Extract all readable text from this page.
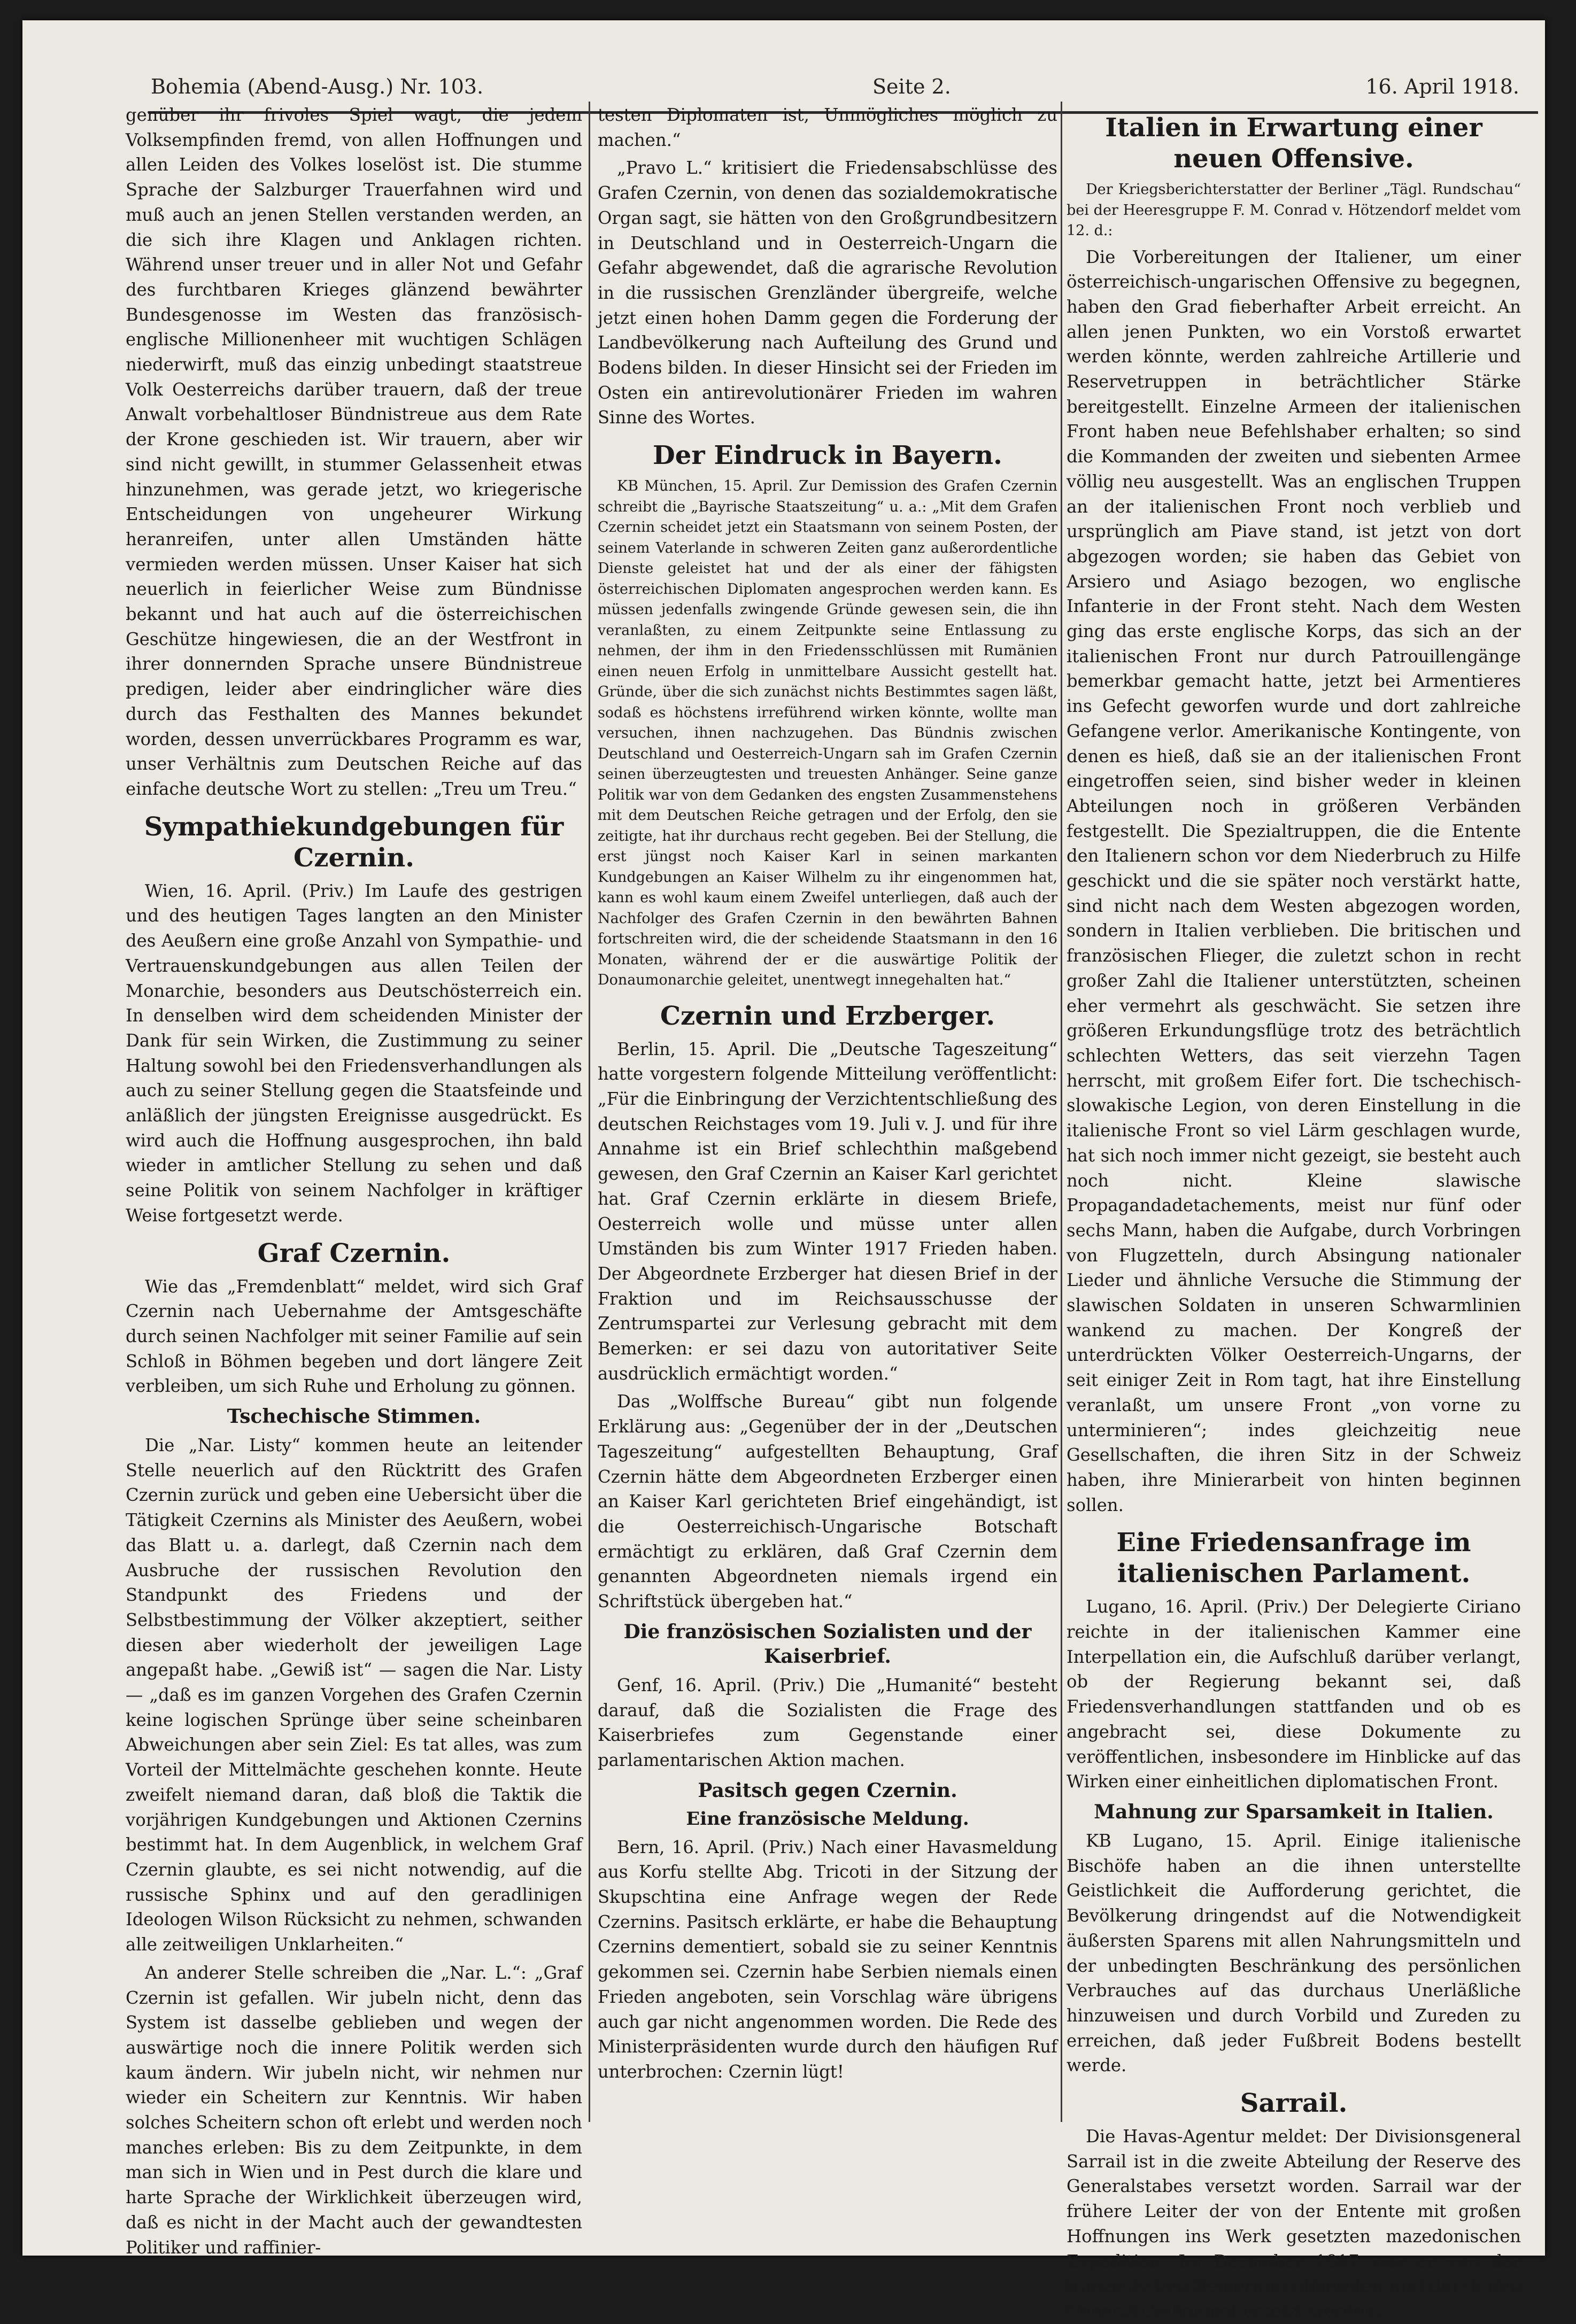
Bohemia (Abend-Ausg.) Nr. 103.	Seite 2.	16. April 1918.

genüber ihr frivoles Spiel wagt, die jedem Volksempfinden fremd, von allen Hoffnungen und allen Leiden des Volkes loselöst ist. Die stumme Sprache der Salzburger Trauerfahnen wird und muß auch an jenen Stellen verstanden werden, an die sich ihre Klagen und Anklagen richten. Während unser treuer und in aller Not und Gefahr des furchtbaren Krieges glänzend bewährter Bundesgenosse im Westen das französisch-englische Millionenheer mit wuchtigen Schlägen niederwirft, muß das einzig unbedingt staatstreue Volk Oesterreichs darüber trauern, daß der treue Anwalt vorbehaltloser Bündnistreue aus dem Rate der Krone geschieden ist. Wir trauern, aber wir sind nicht gewillt, in stummer Gelassenheit etwas hinzunehmen, was gerade jetzt, wo kriegerische Entscheidungen von ungeheurer Wirkung heranreifen, unter allen Umständen hätte vermieden werden müssen. Unser Kaiser hat sich neuerlich in feierlicher Weise zum Bündnisse bekannt und hat auch auf die österreichischen Geschütze hingewiesen, die an der Westfront in ihrer donnernden Sprache unsere Bündnistreue predigen, leider aber eindringlicher wäre dies durch das Festhalten des Mannes bekundet worden, dessen unverrückbares Programm es war, unser Verhältnis zum Deutschen Reiche auf das einfache deutsche Wort zu stellen: „Treu um Treu.“

Sympathiekundgebungen für Czernin.

Wien, 16. April. (Priv.) Im Laufe des gestrigen und des heutigen Tages langten an den Minister des Aeußern eine große Anzahl von Sympathie- und Vertrauenskundgebungen aus allen Teilen der Monarchie, besonders aus Deutschösterreich ein. In denselben wird dem scheidenden Minister der Dank für sein Wirken, die Zustimmung zu seiner Haltung sowohl bei den Friedensverhandlungen als auch zu seiner Stellung gegen die Staatsfeinde und anläßlich der jüngsten Ereignisse ausgedrückt. Es wird auch die Hoffnung ausgesprochen, ihn bald wieder in amtlicher Stellung zu sehen und daß seine Politik von seinem Nachfolger in kräftiger Weise fortgesetzt werde.

Graf Czernin.

Wie das „Fremdenblatt“ meldet, wird sich Graf Czernin nach Uebernahme der Amtsgeschäfte durch seinen Nachfolger mit seiner Familie auf sein Schloß in Böhmen begeben und dort längere Zeit verbleiben, um sich Ruhe und Erholung zu gönnen.

Tschechische Stimmen.

Die „Nar. Listy“ kommen heute an leitender Stelle neuerlich auf den Rücktritt des Grafen Czernin zurück und geben eine Uebersicht über die Tätigkeit Czernins als Minister des Aeußern, wobei das Blatt u. a. darlegt, daß Czernin nach dem Ausbruche der russischen Revolution den Standpunkt des Friedens und der Selbstbestimmung der Völker akzeptiert, seither diesen aber wiederholt der jeweiligen Lage angepaßt habe. „Gewiß ist“ — sagen die Nar. Listy — „daß es im ganzen Vorgehen des Grafen Czernin keine logischen Sprünge über seine scheinbaren Abweichungen aber sein Ziel: Es tat alles, was zum Vorteil der Mittelmächte geschehen konnte. Heute zweifelt niemand daran, daß bloß die Taktik die vorjährigen Kundgebungen und Aktionen Czernins bestimmt hat. In dem Augenblick, in welchem Graf Czernin glaubte, es sei nicht notwendig, auf die russische Sphinx und auf den geradlinigen Ideologen Wilson Rücksicht zu nehmen, schwanden alle zeitweiligen Unklarheiten.“

An anderer Stelle schreiben die „Nar. L.“: „Graf Czernin ist gefallen. Wir jubeln nicht, denn das System ist dasselbe geblieben und wegen der auswärtige noch die innere Politik werden sich kaum ändern. Wir jubeln nicht, wir nehmen nur wieder ein Scheitern zur Kenntnis. Wir haben solches Scheitern schon oft erlebt und werden noch manches erleben: Bis zu dem Zeitpunkte, in dem man sich in Wien und in Pest durch die klare und harte Sprache der Wirklichkeit überzeugen wird, daß es nicht in der Macht auch der gewandtesten Politiker und raffinier-

testen Diplomaten ist, Unmögliches möglich zu machen.“

„Pravo L.“ kritisiert die Friedensabschlüsse des Grafen Czernin, von denen das sozialdemokratische Organ sagt, sie hätten von den Großgrundbesitzern in Deutschland und in Oesterreich-Ungarn die Gefahr abgewendet, daß die agrarische Revolution in die russischen Grenzländer übergreife, welche jetzt einen hohen Damm gegen die Forderung der Landbevölkerung nach Aufteilung des Grund und Bodens bilden. In dieser Hinsicht sei der Frieden im Osten ein antirevolutionärer Frieden im wahren Sinne des Wortes.

Der Eindruck in Bayern.

KB München, 15. April. Zur Demission des Grafen Czernin schreibt die „Bayrische Staatszeitung“ u. a.: „Mit dem Grafen Czernin scheidet jetzt ein Staatsmann von seinem Posten, der seinem Vaterlande in schweren Zeiten ganz außerordentliche Dienste geleistet hat und der als einer der fähigsten österreichischen Diplomaten angesprochen werden kann. Es müssen jedenfalls zwingende Gründe gewesen sein, die ihn veranlaßten, zu einem Zeitpunkte seine Entlassung zu nehmen, der ihm in den Friedensschlüssen mit Rumänien einen neuen Erfolg in unmittelbare Aussicht gestellt hat. Gründe, über die sich zunächst nichts Bestimmtes sagen läßt, sodaß es höchstens irreführend wirken könnte, wollte man versuchen, ihnen nachzugehen. Das Bündnis zwischen Deutschland und Oesterreich-Ungarn sah im Grafen Czernin seinen überzeugtesten und treuesten Anhänger. Seine ganze Politik war von dem Gedanken des engsten Zusammenstehens mit dem Deutschen Reiche getragen und der Erfolg, den sie zeitigte, hat ihr durchaus recht gegeben. Bei der Stellung, die erst jüngst noch Kaiser Karl in seinen markanten Kundgebungen an Kaiser Wilhelm zu ihr eingenommen hat, kann es wohl kaum einem Zweifel unterliegen, daß auch der Nachfolger des Grafen Czernin in den bewährten Bahnen fortschreiten wird, die der scheidende Staatsmann in den 16 Monaten, während der er die auswärtige Politik der Donaumonarchie geleitet, unentwegt innegehalten hat.“

Czernin und Erzberger.

Berlin, 15. April. Die „Deutsche Tageszeitung“ hatte vorgestern folgende Mitteilung veröffentlicht: „Für die Einbringung der Verzichtentschließung des deutschen Reichstages vom 19. Juli v. J. und für ihre Annahme ist ein Brief schlechthin maßgebend gewesen, den Graf Czernin an Kaiser Karl gerichtet hat. Graf Czernin erklärte in diesem Briefe, Oesterreich wolle und müsse unter allen Umständen bis zum Winter 1917 Frieden haben. Der Abgeordnete Erzberger hat diesen Brief in der Fraktion und im Reichsausschusse der Zentrumspartei zur Verlesung gebracht mit dem Bemerken: er sei dazu von autoritativer Seite ausdrücklich ermächtigt worden.“

Das „Wolffsche Bureau“ gibt nun folgende Erklärung aus: „Gegenüber der in der „Deutschen Tageszeitung“ aufgestellten Behauptung, Graf Czernin hätte dem Abgeordneten Erzberger einen an Kaiser Karl gerichteten Brief eingehändigt, ist die Oesterreichisch-Ungarische Botschaft ermächtigt zu erklären, daß Graf Czernin dem genannten Abgeordneten niemals irgend ein Schriftstück übergeben hat.“

Die französischen Sozialisten und der Kaiserbrief.

Genf, 16. April. (Priv.) Die „Humanité“ besteht darauf, daß die Sozialisten die Frage des Kaiserbriefes zum Gegenstande einer parlamentarischen Aktion machen.

Pasitsch gegen Czernin.
Eine französische Meldung.

Bern, 16. April. (Priv.) Nach einer Havasmeldung aus Korfu stellte Abg. Tricoti in der Sitzung der Skupschtina eine Anfrage wegen der Rede Czernins. Pasitsch erklärte, er habe die Behauptung Czernins dementiert, sobald sie zu seiner Kenntnis gekommen sei. Czernin habe Serbien niemals einen Frieden angeboten, sein Vorschlag wäre übrigens auch gar nicht angenommen worden. Die Rede des Ministerpräsidenten wurde durch den häufigen Ruf unterbrochen: Czernin lügt!

Italien in Erwartung einer neuen Offensive.

Der Kriegsberichterstatter der Berliner „Tägl. Rundschau“ bei der Heeresgruppe F. M. Conrad v. Hötzendorf meldet vom 12. d.:

Die Vorbereitungen der Italiener, um einer österreichisch-ungarischen Offensive zu begegnen, haben den Grad fieberhafter Arbeit erreicht. An allen jenen Punkten, wo ein Vorstoß erwartet werden könnte, werden zahlreiche Artillerie und Reservetruppen in beträchtlicher Stärke bereitgestellt. Einzelne Armeen der italienischen Front haben neue Befehlshaber erhalten; so sind die Kommanden der zweiten und siebenten Armee völlig neu ausgestellt. Was an englischen Truppen an der italienischen Front noch verblieb und ursprünglich am Piave stand, ist jetzt von dort abgezogen worden; sie haben das Gebiet von Arsiero und Asiago bezogen, wo englische Infanterie in der Front steht. Nach dem Westen ging das erste englische Korps, das sich an der italienischen Front nur durch Patrouillengänge bemerkbar gemacht hatte, jetzt bei Armentieres ins Gefecht geworfen wurde und dort zahlreiche Gefangene verlor. Amerikanische Kontingente, von denen es hieß, daß sie an der italienischen Front eingetroffen seien, sind bisher weder in kleinen Abteilungen noch in größeren Verbänden festgestellt. Die Spezialtruppen, die die Entente den Italienern schon vor dem Niederbruch zu Hilfe geschickt und die sie später noch verstärkt hatte, sind nicht nach dem Westen abgezogen worden, sondern in Italien verblieben. Die britischen und französischen Flieger, die zuletzt schon in recht großer Zahl die Italiener unterstützten, scheinen eher vermehrt als geschwächt. Sie setzen ihre größeren Erkundungsflüge trotz des beträchtlich schlechten Wetters, das seit vierzehn Tagen herrscht, mit großem Eifer fort. Die tschechisch-slowakische Legion, von deren Einstellung in die italienische Front so viel Lärm geschlagen wurde, hat sich noch immer nicht gezeigt, sie besteht auch noch nicht. Kleine slawische Propagandadetachements, meist nur fünf oder sechs Mann, haben die Aufgabe, durch Vorbringen von Flugzetteln, durch Absingung nationaler Lieder und ähnliche Versuche die Stimmung der slawischen Soldaten in unseren Schwarmlinien wankend zu machen. Der Kongreß der unterdrückten Völker Oesterreich-Ungarns, der seit einiger Zeit in Rom tagt, hat ihre Einstellung veranlaßt, um unsere Front „von vorne zu unterminieren“; indes gleichzeitig neue Gesellschaften, die ihren Sitz in der Schweiz haben, ihre Minierarbeit von hinten beginnen sollen.

Eine Friedensanfrage im italienischen Parlament.

Lugano, 16. April. (Priv.) Der Delegierte Ciriano reichte in der italienischen Kammer eine Interpellation ein, die Aufschluß darüber verlangt, ob der Regierung bekannt sei, daß Friedensverhandlungen stattfanden und ob es angebracht sei, diese Dokumente zu veröffentlichen, insbesondere im Hinblicke auf das Wirken einer einheitlichen diplomatischen Front.

Mahnung zur Sparsamkeit in Italien.

KB Lugano, 15. April. Einige italienische Bischöfe haben an die ihnen unterstellte Geistlichkeit die Aufforderung gerichtet, die Bevölkerung dringendst auf die Notwendigkeit äußersten Sparens mit allen Nahrungsmitteln und der unbedingten Beschränkung des persönlichen Verbrauches auf das durchaus Unerläßliche hinzuweisen und durch Vorbild und Zureden zu erreichen, daß jeder Fußbreit Bodens bestellt werde.

Sarrail.

Die Havas-Agentur meldet: Der Divisionsgeneral Sarrail ist in die zweite Abteilung der Reserve des Generalstabes versetzt worden. Sarrail war der frühere Leiter der von der Entente mit großen Hoffnungen ins Werk gesetzten mazedonischen Expedition. Im Dezember 1917 war er von der französischen Regierung abberufen und durch den General Guillaumat ersetzt worden.
